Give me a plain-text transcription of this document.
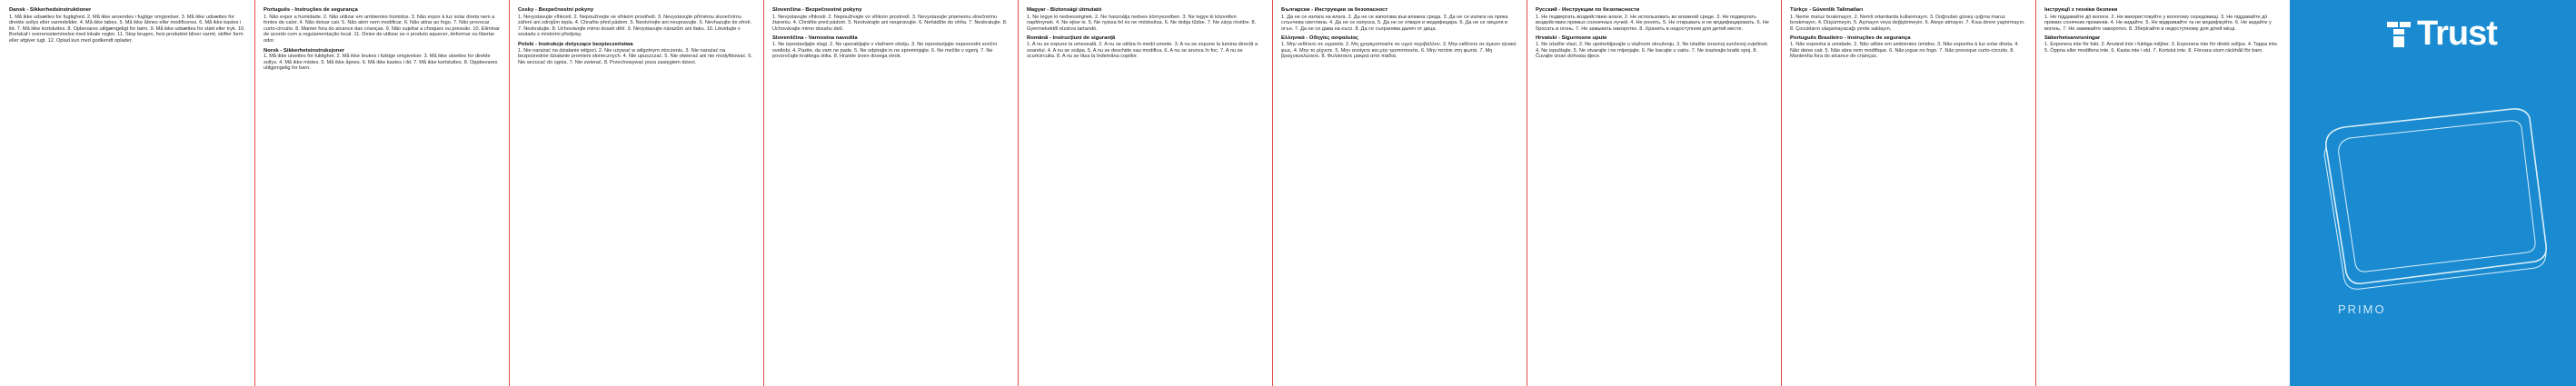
Dansk - Sikkerhedsinstruktioner

1. Må ikke udsættes for fugtighed. 2. Må ikke anvendes i fugtige omgivelser. 3. Må ikke udsættes for direkte sollys eller varmekilder. 4. Må ikke tabes. 5. Må ikke åbnes eller modificeres. 6. Må ikke kastes i ild. 7. Må ikke kortsluttes. 8. Opbevares utilgængeligt for børn. 9. Må ikke udsættes for stød eller tryk. 10. Bortskaf i overensstemmelse med lokale regler. 11. Stop brugen, hvis produktet bliver varmt, skifter form eller afgiver lugt. 12. Oplad kun med godkendt oplader.

Português - Instruções de segurança

1. Não expor a humidade. 2. Não utilizar em ambientes húmidos. 3. Não expor à luz solar direta nem a fontes de calor. 4. Não deixar cair. 5. Não abrir nem modificar. 6. Não atirar ao fogo. 7. Não provocar curto-circuito. 8. Manter fora do alcance das crianças. 9. Não sujeitar a choques ou pressão. 10. Eliminar de acordo com a regulamentação local. 11. Deixe de utilizar se o produto aquecer, deformar ou libertar odor.

Norsk - Sikkerhetsinstruksjoner

1. Må ikke utsettes for fuktighet. 2. Må ikke brukes i fuktige omgivelser. 3. Må ikke utsettes for direkte sollys. 4. Må ikke mistes. 5. Må ikke åpnes. 6. Må ikke kastes i ild. 7. Må ikke kortsluttes. 8. Oppbevares utilgjengelig for barn.

Česky - Bezpečnostní pokyny

1. Nevystavujte vlhkosti. 2. Nepoužívejte ve vlhkém prostředí. 3. Nevystavujte přímému slunečnímu záření ani zdrojům tepla. 4. Chraňte před pádem. 5. Neotvírejte ani neupravujte. 6. Nevhazujte do ohně. 7. Nezkratujte. 8. Uchovávejte mimo dosah dětí. 9. Nevystavujte nárazům ani tlaku. 10. Likvidujte v souladu s místními předpisy.

Polski - Instrukcje dotyczące bezpieczeństwa

1. Nie narażać na działanie wilgoci. 2. Nie używać w wilgotnym otoczeniu. 3. Nie narażać na bezpośrednie działanie promieni słonecznych. 4. Nie upuszczać. 5. Nie otwierać ani nie modyfikować. 6. Nie wrzucać do ognia. 7. Nie zwierać. 8. Przechowywać poza zasięgiem dzieci.

Slovenčina - Bezpečnostné pokyny

1. Nevystavujte vlhkosti. 2. Nepoužívajte vo vlhkom prostredí. 3. Nevystavujte priamemu slnečnému žiareniu. 4. Chráňte pred pádom. 5. Neotvárajte ani neupravujte. 6. Nehádžte do ohňa. 7. Neskratujte. 8. Uchovávajte mimo dosahu detí.

Slovenščina - Varnostna navodila

1. Ne izpostavljajte vlagi. 2. Ne uporabljajte v vlažnem okolju. 3. Ne izpostavljajte neposredni sončni svetlobi. 4. Pazite, da vam ne pade. 5. Ne odpirajte in ne spreminjajte. 6. Ne mečite v ogenj. 7. Ne povzročajte kratkega stika. 8. Hranite izven dosega otrok.

Magyar - Biztonsági útmutató

1. Ne tegye ki nedvességnek. 2. Ne használja nedves környezetben. 3. Ne tegye ki közvetlen napfénynek. 4. Ne ejtse le. 5. Ne nyissa fel és ne módosítsa. 6. Ne dobja tűzbe. 7. Ne zárja rövidre. 8. Gyermekektől elzárva tartandó.

Română - Instrucțiuni de siguranță

1. A nu se expune la umezeală. 2. A nu se utiliza în medii umede. 3. A nu se expune la lumina directă a soarelui. 4. A nu se scăpa. 5. A nu se deschide sau modifica. 6. A nu se arunca în foc. 7. A nu se scurtcircuita. 8. A nu se lăsa la îndemâna copiilor.

Български - Инструкции за безопасност

1. Да не се излага на влага. 2. Да не се използва във влажна среда. 3. Да не се излага на пряка слънчева светлина. 4. Да не се изпуска. 5. Да не се отваря и модифицира. 6. Да не се хвърля в огън. 7. Да не се дава на късо. 8. Да се съхранява далеч от деца.

Ελληνικά - Οδηγίες ασφαλείας

1. Μην εκθέτετε σε υγρασία. 2. Μη χρησιμοποιείτε σε υγρό περιβάλλον. 3. Μην εκθέτετε σε άμεσο ηλιακό φως. 4. Μην το ρίχνετε. 5. Μην ανοίγετε και μην τροποποιείτε. 6. Μην πετάτε στη φωτιά. 7. Μη βραχυκυκλώνετε. 8. Φυλάσσετε μακριά από παιδιά.

Русский - Инструкции по безопасности

1. Не подвергать воздействию влаги. 2. Не использовать во влажной среде. 3. Не подвергать воздействию прямых солнечных лучей. 4. Не ронять. 5. Не открывать и не модифицировать. 6. Не бросать в огонь. 7. Не замыкать накоротко. 8. Хранить в недоступном для детей месте.

Hrvatski - Sigurnosne upute

1. Ne izlažite vlazi. 2. Ne upotrebljavajte u vlažnom okruženju. 3. Ne izlažite izravnoj sunčevoj svjetlosti. 4. Ne ispuštajte. 5. Ne otvarajte i ne mijenjajte. 6. Ne bacajte u vatru. 7. Ne izazivajte kratki spoj. 8. Čuvajte izvan dohvata djece.

Türkçe - Güvenlik Talimatları

1. Neme maruz bırakmayın. 2. Nemli ortamlarda kullanmayın. 3. Doğrudan güneş ışığına maruz bırakmayın. 4. Düşürmeyin. 5. Açmayın veya değiştirmeyin. 6. Ateşe atmayın. 7. Kısa devre yaptırmayın. 8. Çocukların ulaşamayacağı yerde saklayın.

Português Brasileiro - Instruções de segurança

1. Não exponha à umidade. 2. Não utilize em ambientes úmidos. 3. Não exponha à luz solar direta. 4. Não deixe cair. 5. Não abra nem modifique. 6. Não jogue no fogo. 7. Não provoque curto-circuito. 8. Mantenha fora do alcance de crianças.

Інструкції з техніки безпеки

1. Не піддавайте дії вологи. 2. Не використовуйте у вологому середовищі. 3. Не піддавайте дії прямих сонячних променів. 4. Не кидайте. 5. Не відкривайте та не модифікуйте. 6. Не кидайте у вогонь. 7. Не замикайте накоротко. 8. Зберігайте в недоступному для дітей місці.

Säkerhetsanvisningar

1. Exponera inte för fukt. 2. Använd inte i fuktiga miljöer. 3. Exponera inte för direkt solljus. 4. Tappa inte. 5. Öppna eller modifiera inte. 6. Kasta inte i eld. 7. Kortslut inte. 8. Förvara utom räckhåll för barn.	Trust
PRIMO
